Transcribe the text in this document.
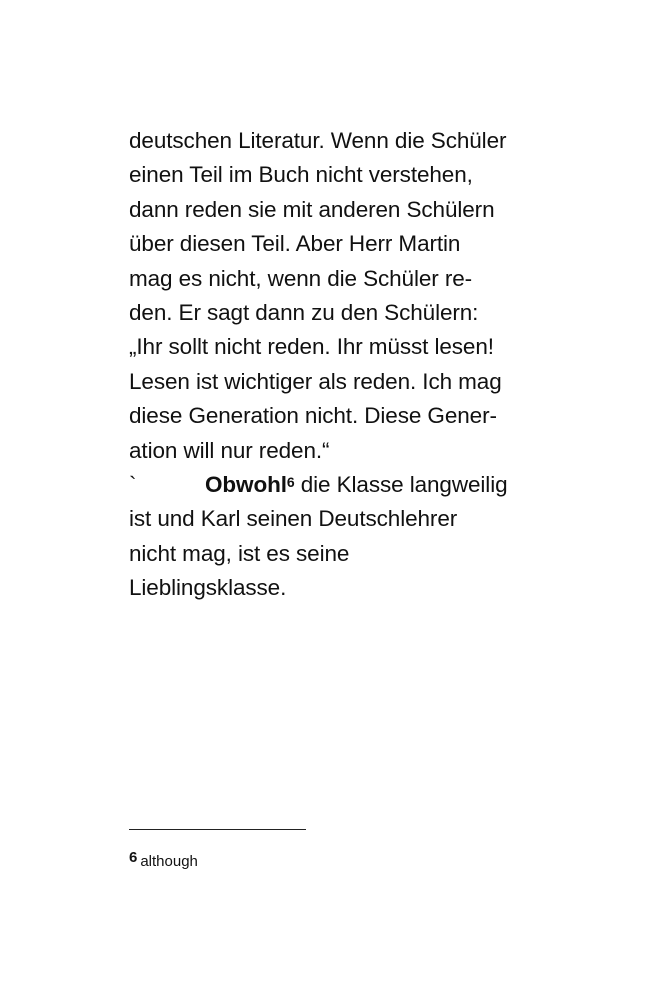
deutschen Literatur. Wenn die Schüler
einen Teil im Buch nicht verstehen,
dann reden sie mit anderen Schülern
über diesen Teil. Aber Herr Martin
mag es nicht, wenn die Schüler re-
den. Er sagt dann zu den Schülern:
„Ihr sollt nicht reden. Ihr müsst lesen!
Lesen ist wichtiger als reden. Ich mag
diese Generation nicht. Diese Gener-
ation will nur reden.“
`	Obwohl$^6$ die Klasse langweilig
ist und Karl seinen Deutschlehrer
nicht mag, ist es seine
Lieblingsklasse.
6 although
